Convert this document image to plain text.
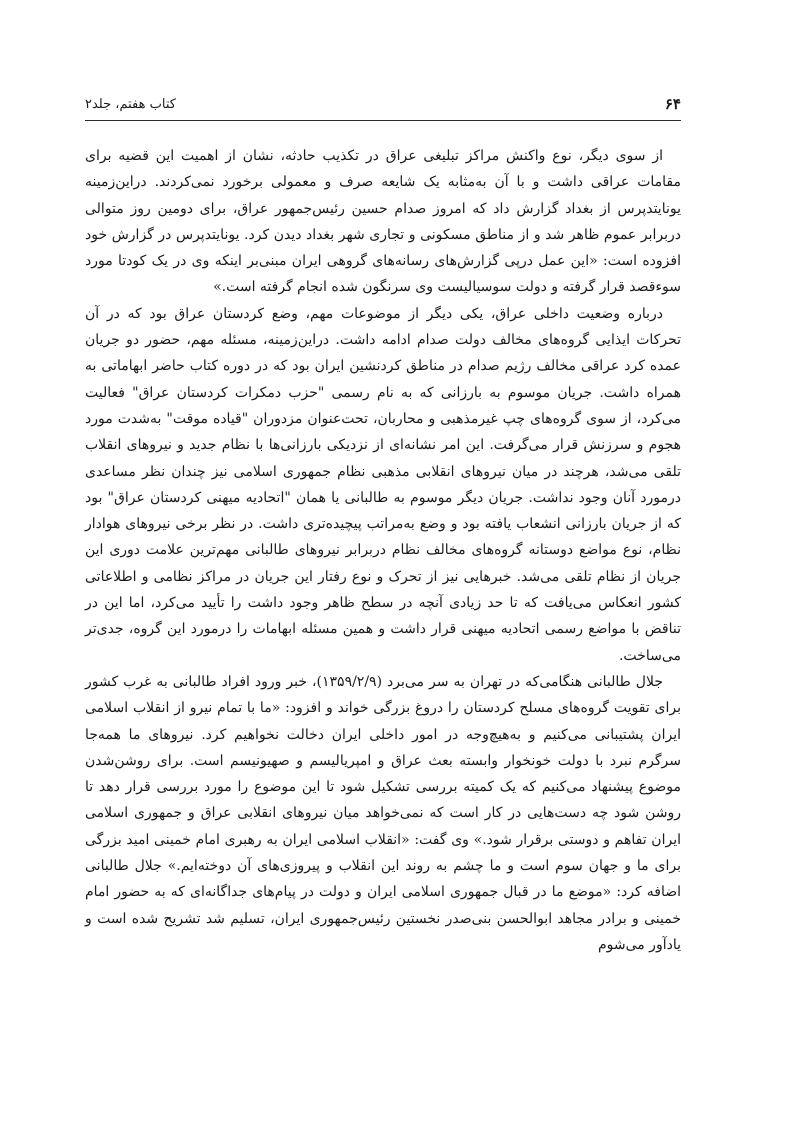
۶۴
کتاب هفتم، جلد۲

از سوی دیگر، نوع واکنش مراکز تبلیغی عراق در تکذیب حادثه، نشان از اهمیت این قضیه برای مقامات عراقی داشت و با آن به‌مثابه یک شایعه صرف و معمولی برخورد نمی‌کردند. دراین‌زمینه یونایتدپرس از بغداد گزارش داد که امروز صدام حسین رئیس‌جمهور عراق، برای دومین روز متوالی دربرابر عموم ظاهر شد و از مناطق مسکونی و تجاری شهر بغداد دیدن کرد. یونایتدپرس در گزارش خود افزوده است: «این عمل درپی گزارش‌های رسانه‌های گروهی ایران مبنی‌بر اینکه وی در یک کودتا مورد سوءقصد قرار گرفته و دولت سوسیالیست وی سرنگون شده انجام گرفته است.»

درباره وضعیت داخلی عراق، یکی دیگر از موضوعات مهم، وضع کردستان عراق بود که در آن تحرکات ایذایی گروه‌های مخالف دولت صدام ادامه داشت. دراین‌زمینه، مسئله مهم، حضور دو جریان عمده کرد عراقی مخالف رژیم صدام در مناطق کردنشین ایران بود که در دوره کتاب حاضر ابهاماتی به همراه داشت. جریان موسوم به بارزانی که به نام رسمی "حزب دمکرات کردستان عراق" فعالیت می‌کرد، از سوی گروه‌های چپ غیرمذهبی و محاربان، تحت‌عنوان مزدوران "قیاده موقت" به‌شدت مورد هجوم و سرزنش قرار می‌گرفت. این امر نشانه‌ای از نزدیکی بارزانی‌ها با نظام جدید و نیروهای انقلاب تلقی می‌شد، هرچند در میان نیروهای انقلابی مذهبی نظام جمهوری اسلامی نیز چندان نظر مساعدی درمورد آنان وجود نداشت. جریان دیگر موسوم به طالبانی یا همان "اتحادیه میهنی کردستان عراق" بود که از جریان بارزانی انشعاب یافته بود و وضع به‌مراتب پیچیده‌تری داشت. در نظر برخی نیروهای هوادار نظام، نوع مواضع دوستانه گروه‌های مخالف نظام دربرابر نیروهای طالبانی مهم‌ترین علامت دوری این جریان از نظام تلقی می‌شد. خبرهایی نیز از تحرک و نوع رفتار این جریان در مراکز نظامی و اطلاعاتی کشور انعکاس می‌یافت که تا حد زیادی آنچه در سطح ظاهر وجود داشت را تأیید می‌کرد، اما این در تناقض با مواضع رسمی اتحادیه میهنی قرار داشت و همین مسئله ابهامات را درمورد این گروه، جدی‌تر می‌ساخت.

جلال طالبانی هنگامی‌که در تهران به سر می‌برد (۱۳۵۹/۲/۹)، خبر ورود افراد طالبانی به غرب کشور برای تقویت گروه‌های مسلح کردستان را دروغ بزرگی خواند و افزود: «ما با تمام نیرو از انقلاب اسلامی ایران پشتیبانی می‌کنیم و به‌هیچ‌وجه در امور داخلی ایران دخالت نخواهیم کرد. نیروهای ما همه‌جا سرگرم نبرد با دولت خونخوار وابسته بعث عراق و امپریالیسم و صهیونیسم است. برای روشن‌شدن موضوع پیشنهاد می‌کنیم که یک کمیته بررسی تشکیل شود تا این موضوع را مورد بررسی قرار دهد تا روشن شود چه دست‌هایی در کار است که نمی‌خواهد میان نیروهای انقلابی عراق و جمهوری اسلامی ایران تفاهم و دوستی برقرار شود.» وی گفت: «انقلاب اسلامی ایران به رهبری امام خمینی امید بزرگی برای ما و جهان سوم است و ما چشم به روند این انقلاب و پیروزی‌های آن دوخته‌ایم.» جلال طالبانی اضافه کرد: «موضع ما در قبال جمهوری اسلامی ایران و دولت در پیام‌های جداگانه‌ای که به حضور امام خمینی و برادر مجاهد ابوالحسن بنی‌صدر نخستین رئیس‌جمهوری ایران، تسلیم شد تشریح شده است و یادآور می‌شوم
